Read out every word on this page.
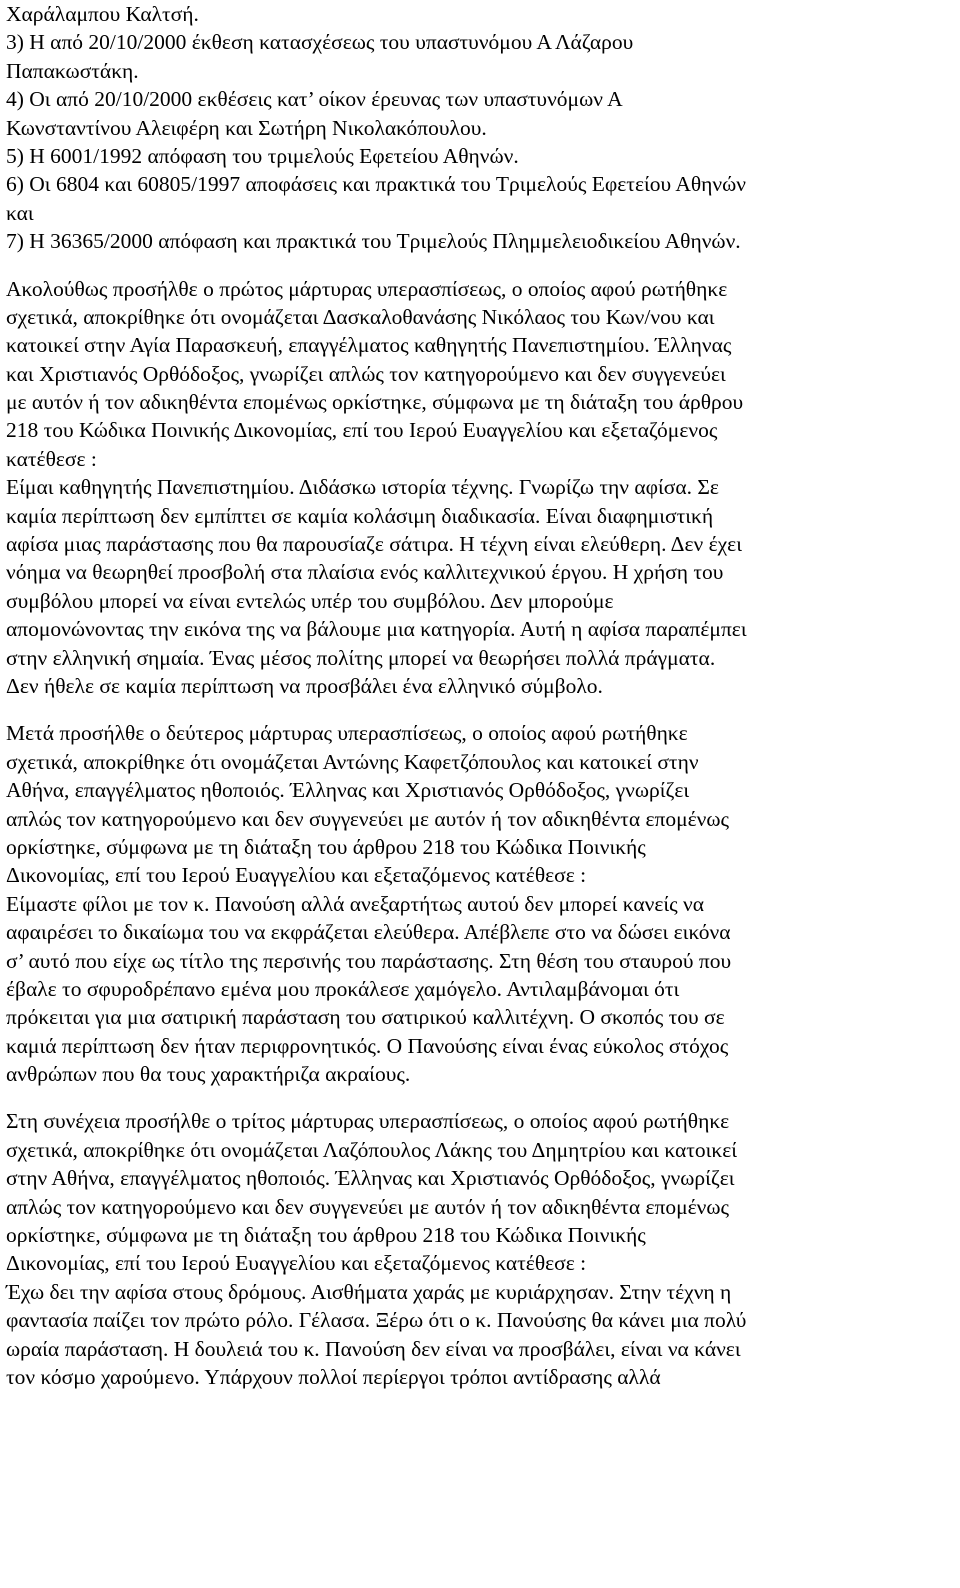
Χαράλαμπου Καλτσή.
3) Η από 20/10/2000 έκθεση κατασχέσεως του υπαστυνόμου Α Λάζαρου
Παπακωστάκη.
4) Οι από 20/10/2000 εκθέσεις κατ’ οίκον έρευνας των υπαστυνόμων Α
Κωνσταντίνου Αλειφέρη και Σωτήρη Νικολακόπουλου.
5) Η 6001/1992 απόφαση του τριμελούς Εφετείου Αθηνών.
6) Οι 6804 και 60805/1997 αποφάσεις και πρακτικά του Τριμελούς Εφετείου Αθηνών
και
7) Η 36365/2000 απόφαση και πρακτικά του Τριμελούς Πλημμελειοδικείου Αθηνών.
Ακολούθως προσήλθε ο πρώτος μάρτυρας υπερασπίσεως, ο οποίος αφού ρωτήθηκε
σχετικά, αποκρίθηκε ότι ονομάζεται Δασκαλοθανάσης Νικόλαος του Κων/νου και
κατοικεί στην Αγία Παρασκευή, επαγγέλματος καθηγητής Πανεπιστημίου. Έλληνας
και Χριστιανός Ορθόδοξος, γνωρίζει απλώς τον κατηγορούμενο και δεν συγγενεύει
με αυτόν ή τον αδικηθέντα επομένως ορκίστηκε, σύμφωνα με τη διάταξη του άρθρου
218 του Κώδικα Ποινικής Δικονομίας, επί του Ιερού Ευαγγελίου και εξεταζόμενος
κατέθεσε :
Είμαι καθηγητής Πανεπιστημίου. Διδάσκω ιστορία τέχνης. Γνωρίζω την αφίσα. Σε
καμία περίπτωση δεν εμπίπτει σε καμία κολάσιμη διαδικασία. Είναι διαφημιστική
αφίσα μιας παράστασης που θα παρουσίαζε σάτιρα. Η τέχνη είναι ελεύθερη. Δεν έχει
νόημα να θεωρηθεί προσβολή στα πλαίσια ενός καλλιτεχνικού έργου. Η χρήση του
συμβόλου μπορεί να είναι εντελώς υπέρ του συμβόλου. Δεν μπορούμε
απομονώνοντας την εικόνα της να βάλουμε μια κατηγορία. Αυτή η αφίσα παραπέμπει
στην ελληνική σημαία. Ένας μέσος πολίτης μπορεί να θεωρήσει πολλά πράγματα.
Δεν ήθελε σε καμία περίπτωση να προσβάλει ένα ελληνικό σύμβολο.
Μετά προσήλθε ο δεύτερος μάρτυρας υπερασπίσεως, ο οποίος αφού ρωτήθηκε
σχετικά, αποκρίθηκε ότι ονομάζεται Αντώνης Καφετζόπουλος και κατοικεί στην
Αθήνα, επαγγέλματος ηθοποιός. Έλληνας και Χριστιανός Ορθόδοξος, γνωρίζει
απλώς τον κατηγορούμενο και δεν συγγενεύει με αυτόν ή τον αδικηθέντα επομένως
ορκίστηκε, σύμφωνα με τη διάταξη του άρθρου 218 του Κώδικα Ποινικής
Δικονομίας, επί του Ιερού Ευαγγελίου και εξεταζόμενος κατέθεσε :
Είμαστε φίλοι με τον κ. Πανούση αλλά ανεξαρτήτως αυτού δεν μπορεί κανείς να
αφαιρέσει το δικαίωμα του να εκφράζεται ελεύθερα. Απέβλεπε στο να δώσει εικόνα
σ’ αυτό που είχε ως τίτλο της περσινής του παράστασης. Στη θέση του σταυρού που
έβαλε το σφυροδρέπανο εμένα μου προκάλεσε χαμόγελο. Αντιλαμβάνομαι ότι
πρόκειται για μια σατιρική παράσταση του σατιρικού καλλιτέχνη. Ο σκοπός του σε
καμιά περίπτωση δεν ήταν περιφρονητικός. Ο Πανούσης είναι ένας εύκολος στόχος
ανθρώπων που θα τους χαρακτήριζα ακραίους.
Στη συνέχεια προσήλθε ο τρίτος μάρτυρας υπερασπίσεως, ο οποίος αφού ρωτήθηκε
σχετικά, αποκρίθηκε ότι ονομάζεται Λαζόπουλος Λάκης του Δημητρίου και κατοικεί
στην Αθήνα, επαγγέλματος ηθοποιός. Έλληνας και Χριστιανός Ορθόδοξος, γνωρίζει
απλώς τον κατηγορούμενο και δεν συγγενεύει με αυτόν ή τον αδικηθέντα επομένως
ορκίστηκε, σύμφωνα με τη διάταξη του άρθρου 218 του Κώδικα Ποινικής
Δικονομίας, επί του Ιερού Ευαγγελίου και εξεταζόμενος κατέθεσε :
Έχω δει την αφίσα στους δρόμους. Αισθήματα χαράς με κυριάρχησαν. Στην τέχνη η
φαντασία παίζει τον πρώτο ρόλο. Γέλασα. Ξέρω ότι ο κ. Πανούσης θα κάνει μια πολύ
ωραία παράσταση. Η δουλειά του κ. Πανούση δεν είναι να προσβάλει, είναι να κάνει
τον κόσμο χαρούμενο. Υπάρχουν πολλοί περίεργοι τρόποι αντίδρασης αλλά
